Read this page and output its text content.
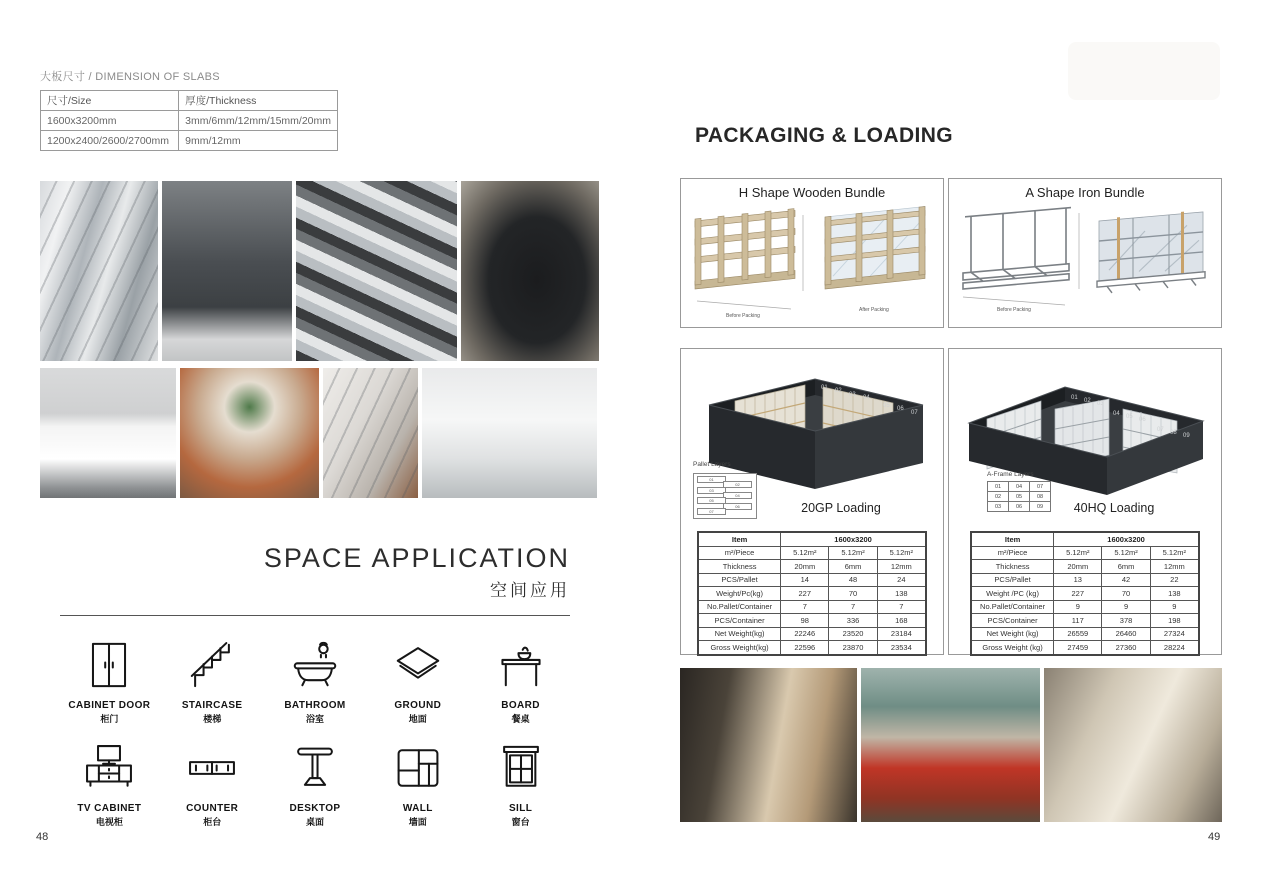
大板尺寸 / DIMENSION OF SLABS
尺寸/Size	厚度/Thickness
1600x3200mm	3mm/6mm/12mm/15mm/20mm
1200x2400/2600/2700mm	9mm/12mm
SPACE APPLICATION
空间应用
CABINET DOOR
柜门
STAIRCASE
楼梯
BATHROOM
浴室
GROUND
地面
BOARD
餐桌
TV CABINET
电视柜
COUNTER
柜台
DESKTOP
桌面
WALL
墙面
SILL
窗台
48
PACKAGING & LOADING
H Shape Wooden Bundle
Before Packing
After Packing
A Shape Iron Bundle
Before Packing
01 02
03 04
05 06
07
Pallet Layers
01
02
03
04
05
06
07	20GP Loading
Item	1600x3200		
m²/Piece	5.12m²	5.12m²	5.12m²
Thickness	20mm	6mm	12mm
PCS/Pallet	14	48	24
Weight/Pc(kg)	227	70	138
No.Pallet/Container	7	7	7
PCS/Container	98	336	168
Net Weight(kg)	22246	23520	23184
Gross Weight(kg)	22596	23870	23534
01 02 03
04 05 06
07 08 09
A-Frame Layers
01	04	07
02	05	08
03	06	09	40HQ Loading
Item	1600x3200		
m²/Piece	5.12m²	5.12m²	5.12m²
Thickness	20mm	6mm	12mm
PCS/Pallet	13	42	22
Weight /PC (kg)	227	70	138
No.Pallet/Container	9	9	9
PCS/Container	117	378	198
Net Weight (kg)	26559	26460	27324
Gross Weight (kg)	27459	27360	28224
49
